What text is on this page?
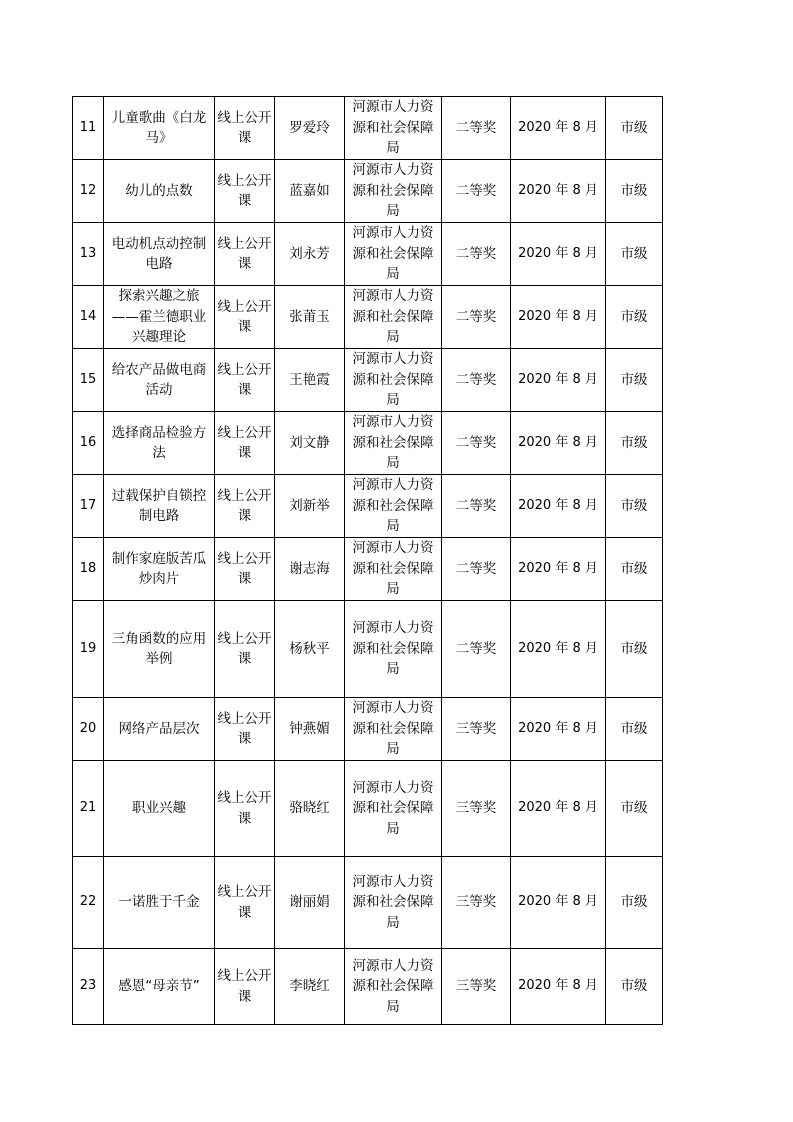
11	儿童歌曲《白龙马》	线上公开课	罗爱玲	河源市人力资源和社会保障局	二等奖	2020 年 8 月	市级
12	幼儿的点数	线上公开课	蓝嘉如	河源市人力资源和社会保障局	二等奖	2020 年 8 月	市级
13	电动机点动控制电路	线上公开课	刘永芳	河源市人力资源和社会保障局	二等奖	2020 年 8 月	市级
14	探索兴趣之旅——霍兰德职业兴趣理论	线上公开课	张莆玉	河源市人力资源和社会保障局	二等奖	2020 年 8 月	市级
15	给农产品做电商活动	线上公开课	王艳霞	河源市人力资源和社会保障局	二等奖	2020 年 8 月	市级
16	选择商品检验方法	线上公开课	刘文静	河源市人力资源和社会保障局	二等奖	2020 年 8 月	市级
17	过载保护自锁控制电路	线上公开课	刘新举	河源市人力资源和社会保障局	二等奖	2020 年 8 月	市级
18	制作家庭版苦瓜炒肉片	线上公开课	谢志海	河源市人力资源和社会保障局	二等奖	2020 年 8 月	市级
19	三角函数的应用举例	线上公开课	杨秋平	河源市人力资源和社会保障局	二等奖	2020 年 8 月	市级
20	网络产品层次	线上公开课	钟燕媚	河源市人力资源和社会保障局	三等奖	2020 年 8 月	市级
21	职业兴趣	线上公开课	骆晓红	河源市人力资源和社会保障局	三等奖	2020 年 8 月	市级
22	一诺胜于千金	线上公开课	谢丽娟	河源市人力资源和社会保障局	三等奖	2020 年 8 月	市级
23	感恩“母亲节”	线上公开课	李晓红	河源市人力资源和社会保障局	三等奖	2020 年 8 月	市级
